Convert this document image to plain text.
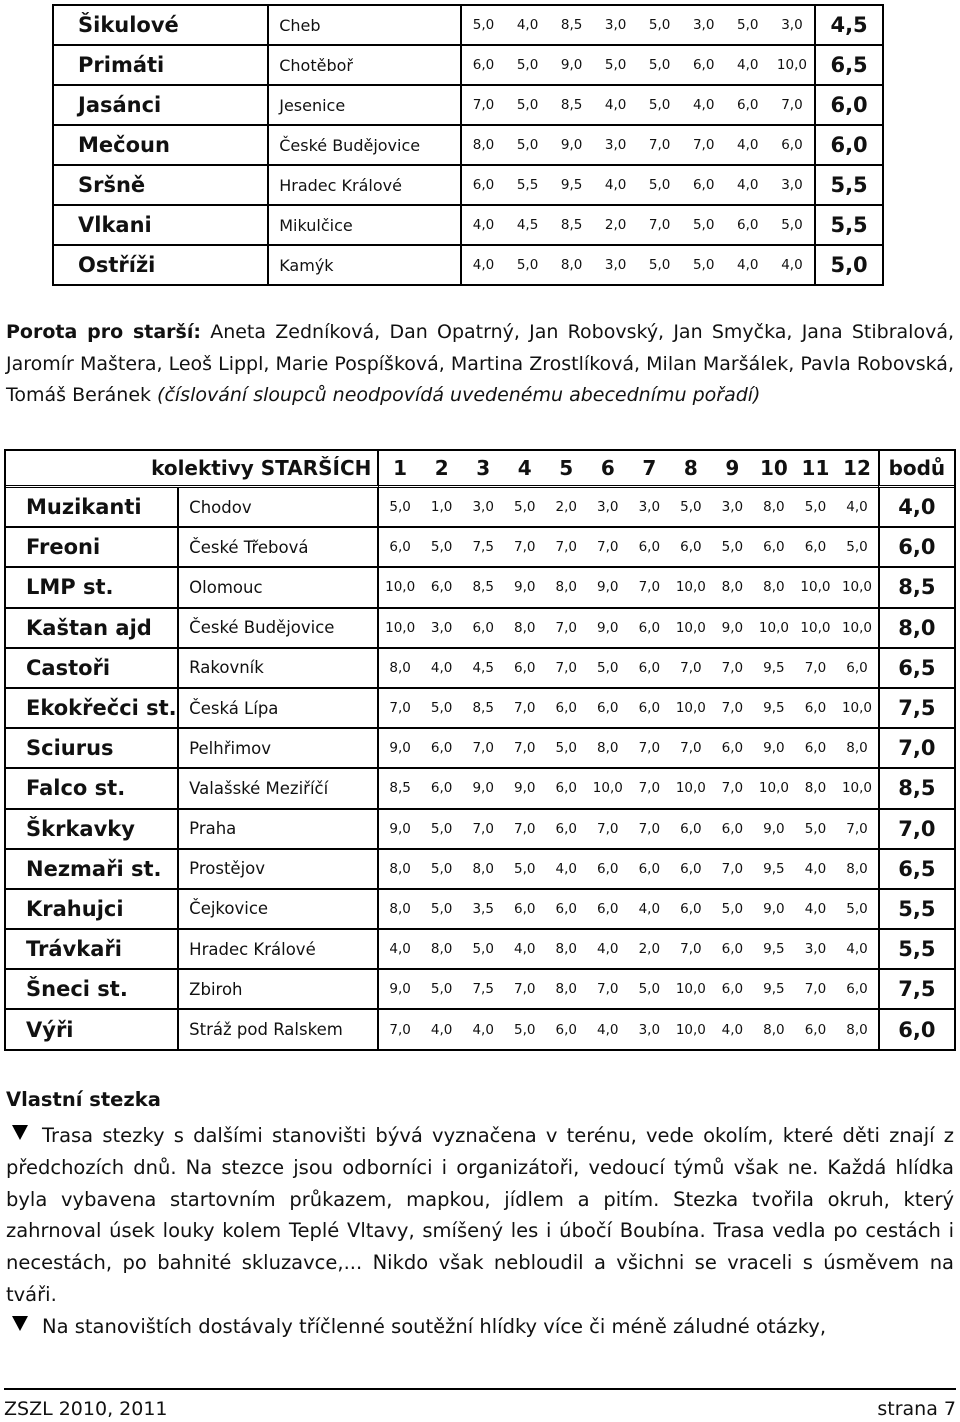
Šikulové	Cheb	5,0	4,0	8,5	3,0	5,0	3,0	5,0	3,0	4,5
Primáti	Chotěboř	6,0	5,0	9,0	5,0	5,0	6,0	4,0	10,0	6,5
Jasánci	Jesenice	7,0	5,0	8,5	4,0	5,0	4,0	6,0	7,0	6,0
Mečoun	České Budějovice	8,0	5,0	9,0	3,0	7,0	7,0	4,0	6,0	6,0
Sršně	Hradec Králové	6,0	5,5	9,5	4,0	5,0	6,0	4,0	3,0	5,5
Vlkani	Mikulčice	4,0	4,5	8,5	2,0	7,0	5,0	6,0	5,0	5,5
Ostříži	Kamýk	4,0	5,0	8,0	3,0	5,0	5,0	4,0	4,0	5,0

Porota pro starší: Aneta Zedníková, Dan Opatrný, Jan Robovský, Jan Smyčka, Jana Stibralová, Jaromír Maštera, Leoš Lippl, Marie Pospíšková, Martina Zrostlíková, Milan Maršálek, Pavla Robovská, Tomáš Beránek (číslování sloupců neodpovídá uvedenému abecednímu pořadí)

kolektivy STARŠÍCH		1	2	3	4	5	6	7	8	9	10	11	12	bodů
Muzikanti	Chodov	5,0	1,0	3,0	5,0	2,0	3,0	3,0	5,0	3,0	8,0	5,0	4,0	4,0
Freoni	České Třebová	6,0	5,0	7,5	7,0	7,0	7,0	6,0	6,0	5,0	6,0	6,0	5,0	6,0
LMP st.	Olomouc	10,0	6,0	8,5	9,0	8,0	9,0	7,0	10,0	8,0	8,0	10,0	10,0	8,5
Kaštan ajd	České Budějovice	10,0	3,0	6,0	8,0	7,0	9,0	6,0	10,0	9,0	10,0	10,0	10,0	8,0
Castoři	Rakovník	8,0	4,0	4,5	6,0	7,0	5,0	6,0	7,0	7,0	9,5	7,0	6,0	6,5
Ekokřečci st.	Česká Lípa	7,0	5,0	8,5	7,0	6,0	6,0	6,0	10,0	7,0	9,5	6,0	10,0	7,5
Sciurus	Pelhřimov	9,0	6,0	7,0	7,0	5,0	8,0	7,0	7,0	6,0	9,0	6,0	8,0	7,0
Falco st.	Valašské Meziříčí	8,5	6,0	9,0	9,0	6,0	10,0	7,0	10,0	7,0	10,0	8,0	10,0	8,5
Škrkavky	Praha	9,0	5,0	7,0	7,0	6,0	7,0	7,0	6,0	6,0	9,0	5,0	7,0	7,0
Nezmaři st.	Prostějov	8,0	5,0	8,0	5,0	4,0	6,0	6,0	6,0	7,0	9,5	4,0	8,0	6,5
Krahujci	Čejkovice	8,0	5,0	3,5	6,0	6,0	6,0	4,0	6,0	5,0	9,0	4,0	5,0	5,5
Trávkaři	Hradec Králové	4,0	8,0	5,0	4,0	8,0	4,0	2,0	7,0	6,0	9,5	3,0	4,0	5,5
Šneci st.	Zbiroh	9,0	5,0	7,5	7,0	8,0	7,0	5,0	10,0	6,0	9,5	7,0	6,0	7,5
Výři	Stráž pod Ralskem	7,0	4,0	4,0	5,0	6,0	4,0	3,0	10,0	4,0	8,0	6,0	8,0	6,0
Vlastní stezka

Trasa stezky s dalšími stanovišti bývá vyznačena v terénu, vede okolím, které děti znají z předchozích dnů. Na stezce jsou odborníci i organizátoři, vedoucí týmů však ne. Každá hlídka byla vybavena startovním průkazem, mapkou, jídlem a pitím. Stezka tvořila okruh, který zahrnoval úsek louky kolem Teplé Vltavy, smíšený les i úbočí Boubína. Trasa vedla po cestách i necestách, po bahnité skluzavce,... Nikdo však nebloudil a všichni se vraceli s úsměvem na tváři.

Na stanovištích dostávaly tříčlenné soutěžní hlídky více či méně záludné otázky,

ZSZL 2010, 2011	strana 7
